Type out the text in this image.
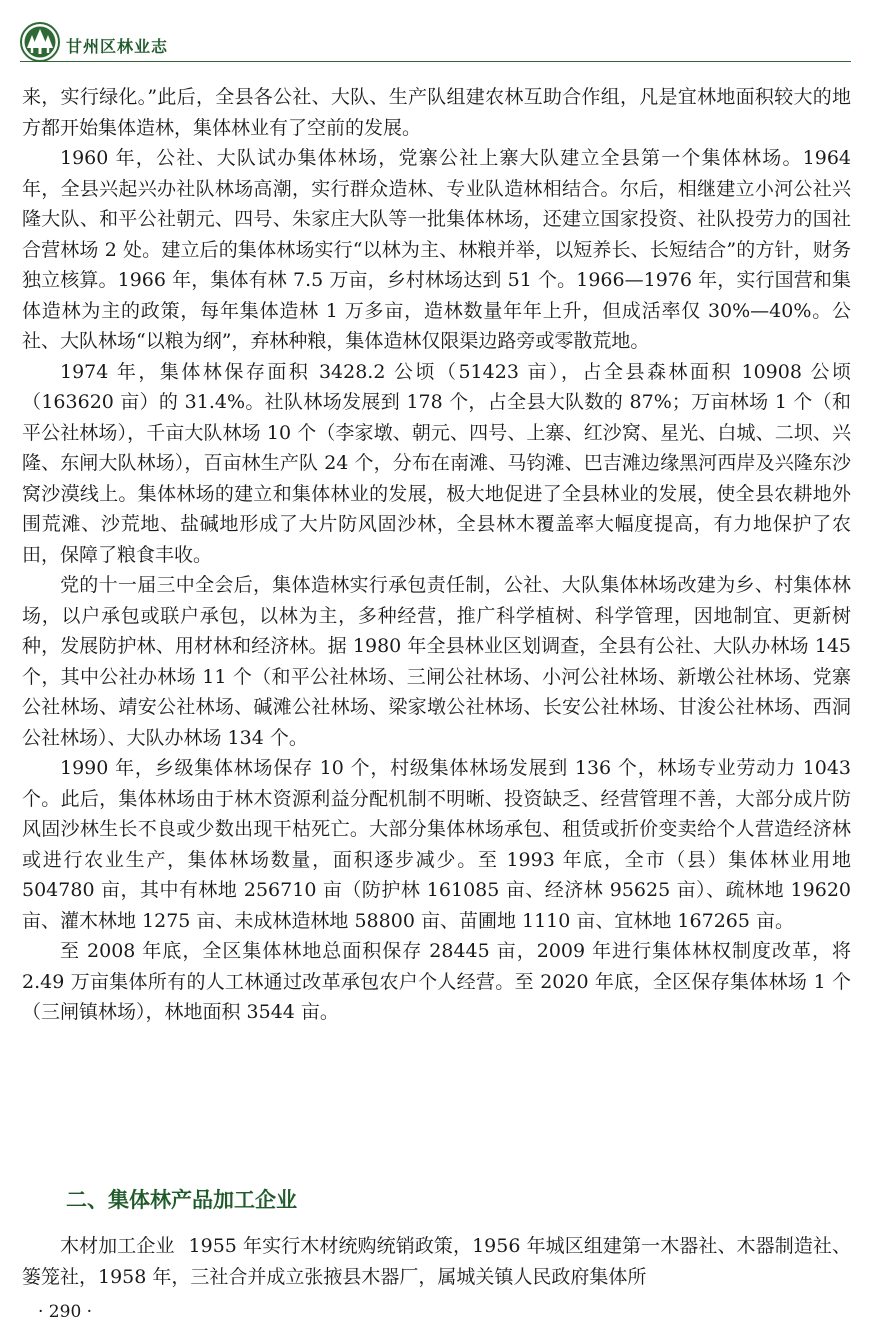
甘州区林业志

来，实行绿化。”此后，全县各公社、大队、生产队组建农林互助合作组，凡是宜林地面积较大的地方都开始集体造林，集体林业有了空前的发展。

1960 年，公社、大队试办集体林场，党寨公社上寨大队建立全县第一个集体林场。1964 年，全县兴起兴办社队林场高潮，实行群众造林、专业队造林相结合。尔后，相继建立小河公社兴隆大队、和平公社朝元、四号、朱家庄大队等一批集体林场，还建立国家投资、社队投劳力的国社合营林场 2 处。建立后的集体林场实行“以林为主、林粮并举，以短养长、长短结合”的方针，财务独立核算。1966 年，集体有林 7.5 万亩，乡村林场达到 51 个。1966—1976 年，实行国营和集体造林为主的政策，每年集体造林 1 万多亩，造林数量年年上升，但成活率仅 30%—40%。公社、大队林场“以粮为纲”，弃林种粮，集体造林仅限渠边路旁或零散荒地。

1974 年，集体林保存面积 3428.2 公顷（51423 亩），占全县森林面积 10908 公顷（163620 亩）的 31.4%。社队林场发展到 178 个，占全县大队数的 87%；万亩林场 1 个（和平公社林场），千亩大队林场 10 个（李家墩、朝元、四号、上寨、红沙窝、星光、白城、二坝、兴隆、东闸大队林场），百亩林生产队 24 个，分布在南滩、马钧滩、巴吉滩边缘黑河西岸及兴隆东沙窝沙漠线上。集体林场的建立和集体林业的发展，极大地促进了全县林业的发展，使全县农耕地外围荒滩、沙荒地、盐碱地形成了大片防风固沙林，全县林木覆盖率大幅度提高，有力地保护了农田，保障了粮食丰收。

党的十一届三中全会后，集体造林实行承包责任制，公社、大队集体林场改建为乡、村集体林场，以户承包或联户承包，以林为主，多种经营，推广科学植树、科学管理，因地制宜、更新树种，发展防护林、用材林和经济林。据 1980 年全县林业区划调查，全县有公社、大队办林场 145 个，其中公社办林场 11 个（和平公社林场、三闸公社林场、小河公社林场、新墩公社林场、党寨公社林场、靖安公社林场、碱滩公社林场、梁家墩公社林场、长安公社林场、甘浚公社林场、西洞公社林场）、大队办林场 134 个。

1990 年，乡级集体林场保存 10 个，村级集体林场发展到 136 个，林场专业劳动力 1043 个。此后，集体林场由于林木资源利益分配机制不明晰、投资缺乏、经营管理不善，大部分成片防风固沙林生长不良或少数出现干枯死亡。大部分集体林场承包、租赁或折价变卖给个人营造经济林或进行农业生产，集体林场数量，面积逐步减少。至 1993 年底，全市（县）集体林业用地 504780 亩，其中有林地 256710 亩（防护林 161085 亩、经济林 95625 亩）、疏林地 19620 亩、灌木林地 1275 亩、未成林造林地 58800 亩、苗圃地 1110 亩、宜林地 167265 亩。

至 2008 年底，全区集体林地总面积保存 28445 亩，2009 年进行集体林权制度改革，将 2.49 万亩集体所有的人工林通过改革承包农户个人经营。至 2020 年底，全区保存集体林场 1 个（三闸镇林场），林地面积 3544 亩。

二、集体林产品加工企业

木材加工企业 1955 年实行木材统购统销政策，1956 年城区组建第一木器社、木器制造社、篓笼社，1958 年，三社合并成立张掖县木器厂，属城关镇人民政府集体所

· 290 ·
